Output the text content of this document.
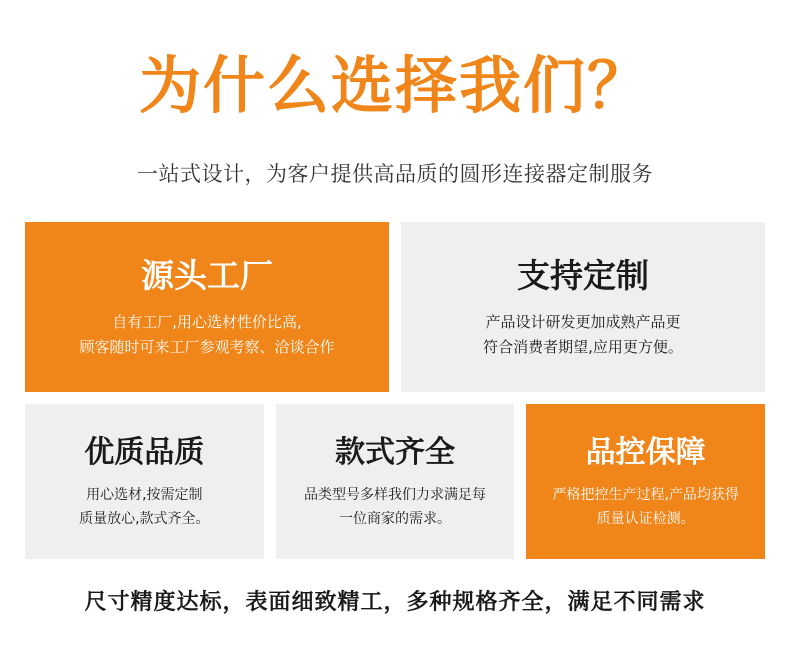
为什么选择我们？

一站式设计，为客户提供高品质的圆形连接器定制服务

源头工厂
自有工厂,用心选材性价比高,
顾客随时可来工厂参观考察、洽谈合作
支持定制
产品设计研发更加成熟产品更
符合消费者期望,应用更方便。
优质品质
用心选材,按需定制
质量放心,款式齐全。
款式齐全
品类型号多样我们力求满足每
一位商家的需求。
品控保障
严格把控生产过程,产品均获得
质量认证检测。
尺寸精度达标，表面细致精工，多种规格齐全，满足不同需求
